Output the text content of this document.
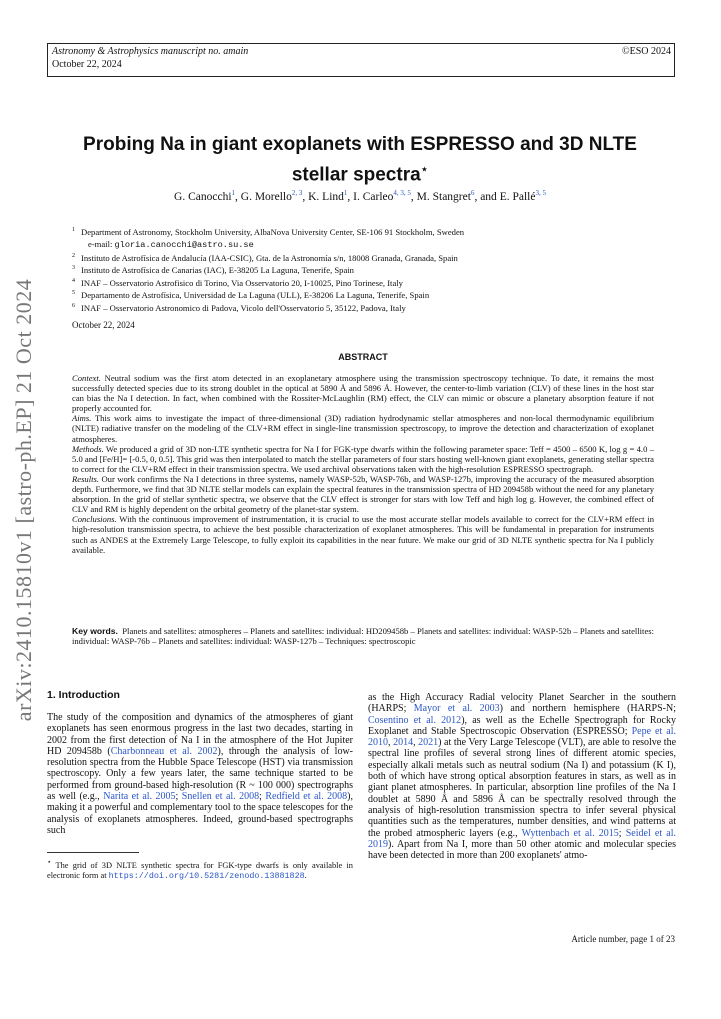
Astronomy & Astrophysics manuscript no. amain
October 22, 2024
©ESO 2024
arXiv:2410.15810v1 [astro-ph.EP] 21 Oct 2024
Probing Na in giant exoplanets with ESPRESSO and 3D NLTE stellar spectra⋆
G. Canocchi$^1$, G. Morello$^{2, 3}$, K. Lind$^1$, I. Carleo$^{4, 3, 5}$, M. Stangret$^6$, and E. Pallé$^{3, 5}$
$^1$ Department of Astronomy, Stockholm University, AlbaNova University Center, SE-106 91 Stockholm, Sweden
e-mail: gloria.canocchi@astro.su.se
$^2$ Instituto de Astrofísica de Andalucía (IAA-CSIC), Gta. de la Astronomía s/n, 18008 Granada, Granada, Spain
$^3$ Instituto de Astrofísica de Canarias (IAC), E-38205 La Laguna, Tenerife, Spain
$^4$ INAF – Osservatorio Astrofisico di Torino, Via Osservatorio 20, I-10025, Pino Torinese, Italy
$^5$ Departamento de Astrofísica, Universidad de La Laguna (ULL), E-38206 La Laguna, Tenerife, Spain
$^6$ INAF – Osservatorio Astronomico di Padova, Vicolo dell'Osservatorio 5, 35122, Padova, Italy
October 22, 2024
ABSTRACT

Context. Neutral sodium was the first atom detected in an exoplanetary atmosphere using the transmission spectroscopy technique. To date, it remains the most successfully detected species due to its strong doublet in the optical at 5890 Å and 5896 Å. However, the center-to-limb variation (CLV) of these lines in the host star can bias the Na I detection. In fact, when combined with the Rossiter-McLaughlin (RM) effect, the CLV can mimic or obscure a planetary absorption feature if not properly accounted for.

Aims. This work aims to investigate the impact of three-dimensional (3D) radiation hydrodynamic stellar atmospheres and non-local thermodynamic equilibrium (NLTE) radiative transfer on the modeling of the CLV+RM effect in single-line transmission spectroscopy, to improve the detection and characterization of exoplanet atmospheres.

Methods. We produced a grid of 3D non-LTE synthetic spectra for Na I for FGK-type dwarfs within the following parameter space: Teff = 4500 – 6500 K, log g = 4.0 – 5.0 and [Fe/H]= [-0.5, 0, 0.5]. This grid was then interpolated to match the stellar parameters of four stars hosting well-known giant exoplanets, generating stellar spectra to correct for the CLV+RM effect in their transmission spectra. We used archival observations taken with the high-resolution ESPRESSO spectrograph.

Results. Our work confirms the Na I detections in three systems, namely WASP-52b, WASP-76b, and WASP-127b, improving the accuracy of the measured absorption depth. Furthermore, we find that 3D NLTE stellar models can explain the spectral features in the transmission spectra of HD 209458b without the need for any planetary absorption. In the grid of stellar synthetic spectra, we observe that the CLV effect is stronger for stars with low Teff and high log g. However, the combined effect of CLV and RM is highly dependent on the orbital geometry of the planet-star system.

Conclusions. With the continuous improvement of instrumentation, it is crucial to use the most accurate stellar models available to correct for the CLV+RM effect in high-resolution transmission spectra, to achieve the best possible characterization of exoplanet atmospheres. This will be fundamental in preparation for instruments such as ANDES at the Extremely Large Telescope, to fully exploit its capabilities in the near future. We make our grid of 3D NLTE synthetic spectra for Na I publicly available.

Key words. Planets and satellites: atmospheres – Planets and satellites: individual: HD209458b – Planets and satellites: individual: WASP-52b – Planets and satellites: individual: WASP-76b – Planets and satellites: individual: WASP-127b – Techniques: spectroscopic
1. Introduction
The study of the composition and dynamics of the atmospheres of giant exoplanets has seen enormous progress in the last two decades, starting in 2002 from the first detection of Na I in the atmosphere of the Hot Jupiter HD 209458b (Charbonneau et al. 2002), through the analysis of low-resolution spectra from the Hubble Space Telescope (HST) via transmission spectroscopy. Only a few years later, the same technique started to be performed from ground-based high-resolution (R ~ 100 000) spectrographs as well (e.g., Narita et al. 2005; Snellen et al. 2008; Redfield et al. 2008), making it a powerful and complementary tool to the space telescopes for the analysis of exoplanets atmospheres. Indeed, ground-based spectrographs such
as the High Accuracy Radial velocity Planet Searcher in the southern (HARPS; Mayor et al. 2003) and northern hemisphere (HARPS-N; Cosentino et al. 2012), as well as the Echelle Spectrograph for Rocky Exoplanet and Stable Spectroscopic Observation (ESPRESSO; Pepe et al. 2010, 2014, 2021) at the Very Large Telescope (VLT), are able to resolve the spectral line profiles of several strong lines of different atomic species, especially alkali metals such as neutral sodium (Na I) and potassium (K I), both of which have strong optical absorption features in stars, as well as in giant planet atmospheres. In particular, absorption line profiles of the Na I doublet at 5890 Å and 5896 Å can be spectrally resolved through the analysis of high-resolution transmission spectra to infer several physical quantities such as the temperatures, number densities, and wind patterns at the probed atmospheric layers (e.g., Wyttenbach et al. 2015; Seidel et al. 2019). Apart from Na I, more than 50 other atomic and molecular species have been detected in more than 200 exoplanets' atmo-
⋆ The grid of 3D NLTE synthetic spectra for FGK-type dwarfs is only available in electronic form at https://doi.org/10.5281/zenodo.13881828.
Article number, page 1 of 23
